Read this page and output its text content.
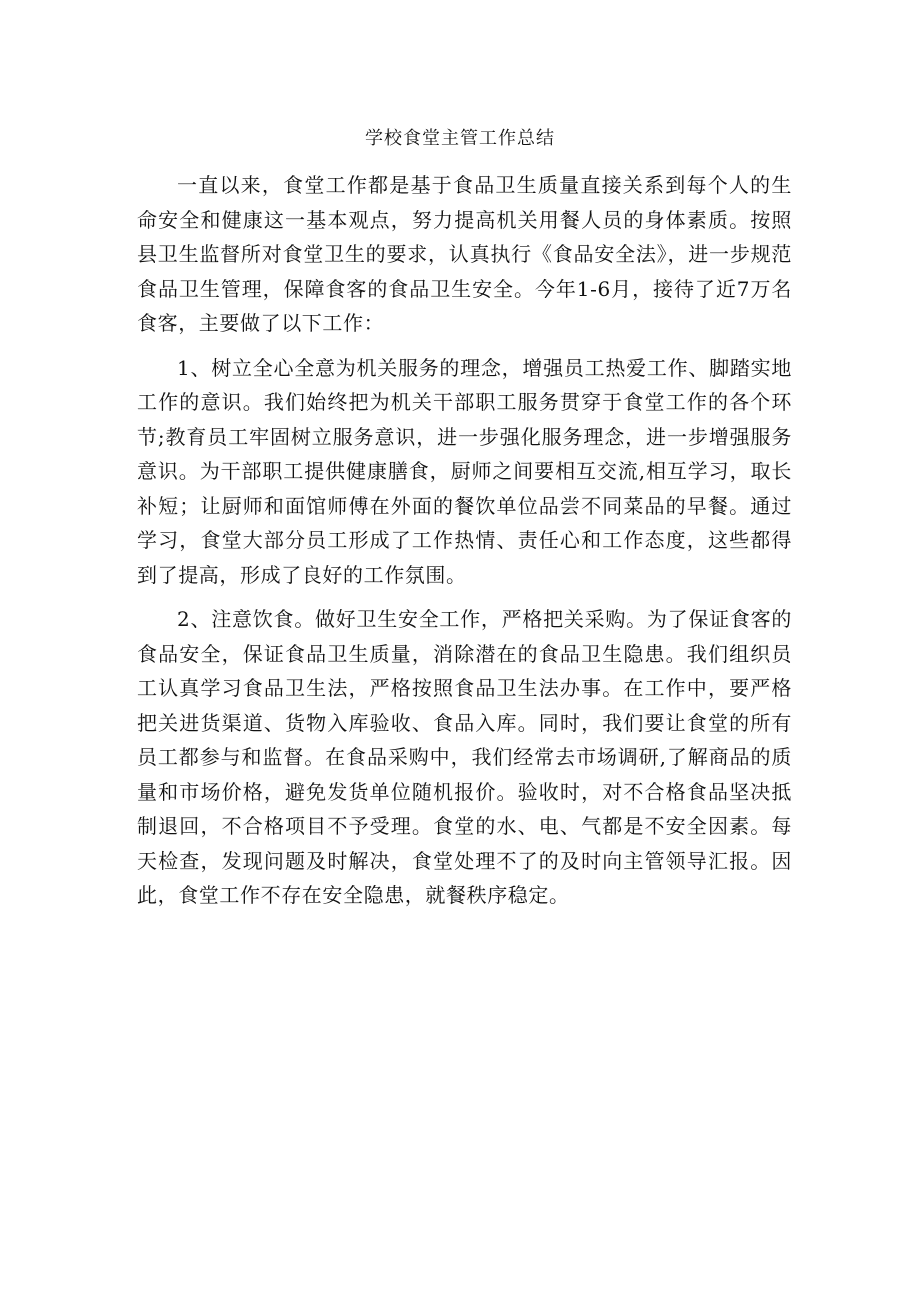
学校食堂主管工作总结

一直以来，食堂工作都是基于食品卫生质量直接关系到每个人的生命安全和健康这一基本观点，努力提高机关用餐人员的身体素质。按照县卫生监督所对食堂卫生的要求，认真执行《食品安全法》，进一步规范食品卫生管理，保障食客的食品卫生安全。今年1-6月，接待了近7万名食客，主要做了以下工作：

1、树立全心全意为机关服务的理念，增强员工热爱工作、脚踏实地工作的意识。我们始终把为机关干部职工服务贯穿于食堂工作的各个环节;教育员工牢固树立服务意识，进一步强化服务理念，进一步增强服务意识。为干部职工提供健康膳食，厨师之间要相互交流,相互学习，取长补短；让厨师和面馆师傅在外面的餐饮单位品尝不同菜品的早餐。通过学习，食堂大部分员工形成了工作热情、责任心和工作态度，这些都得到了提高，形成了良好的工作氛围。

2、注意饮食。做好卫生安全工作，严格把关采购。为了保证食客的食品安全，保证食品卫生质量，消除潜在的食品卫生隐患。我们组织员工认真学习食品卫生法，严格按照食品卫生法办事。在工作中，要严格把关进货渠道、货物入库验收、食品入库。同时，我们要让食堂的所有员工都参与和监督。在食品采购中，我们经常去市场调研,了解商品的质量和市场价格，避免发货单位随机报价。验收时，对不合格食品坚决抵制退回，不合格项目不予受理。食堂的水、电、气都是不安全因素。每天检查，发现问题及时解决，食堂处理不了的及时向主管领导汇报。因此，食堂工作不存在安全隐患，就餐秩序稳定。
